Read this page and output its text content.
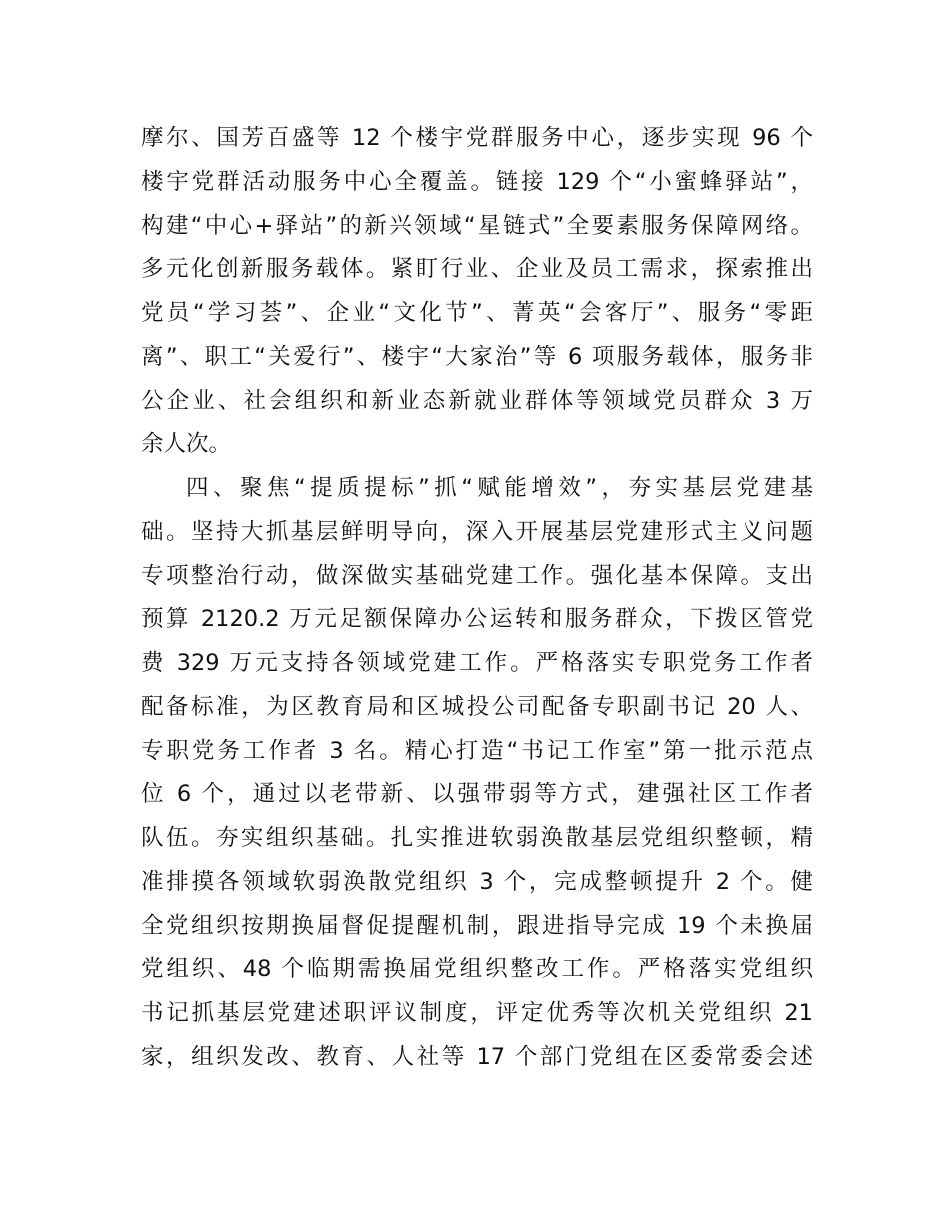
摩尔、国芳百盛等 12 个楼宇党群服务中心，逐步实现 96 个
楼宇党群活动服务中心全覆盖。链接 129 个“小蜜蜂驿站”，
构建“中心+驿站”的新兴领域“星链式”全要素服务保障网络。
多元化创新服务载体。紧盯行业、企业及员工需求，探索推出
党员“学习荟”、企业“文化节”、菁英“会客厅”、服务“零距
离”、职工“关爱行”、楼宇“大家治”等 6 项服务载体，服务非
公企业、社会组织和新业态新就业群体等领域党员群众 3 万
余人次。
四、聚焦“提质提标”抓“赋能增效”，夯实基层党建基
础。坚持大抓基层鲜明导向，深入开展基层党建形式主义问题
专项整治行动，做深做实基础党建工作。强化基本保障。支出
预算 2120.2 万元足额保障办公运转和服务群众，下拨区管党
费 329 万元支持各领域党建工作。严格落实专职党务工作者
配备标准，为区教育局和区城投公司配备专职副书记 20 人、
专职党务工作者 3 名。精心打造“书记工作室”第一批示范点
位 6 个，通过以老带新、以强带弱等方式，建强社区工作者
队伍。夯实组织基础。扎实推进软弱涣散基层党组织整顿，精
准排摸各领域软弱涣散党组织 3 个，完成整顿提升 2 个。健
全党组织按期换届督促提醒机制，跟进指导完成 19 个未换届
党组织、48 个临期需换届党组织整改工作。严格落实党组织
书记抓基层党建述职评议制度，评定优秀等次机关党组织 21
家，组织发改、教育、人社等 17 个部门党组在区委常委会述
